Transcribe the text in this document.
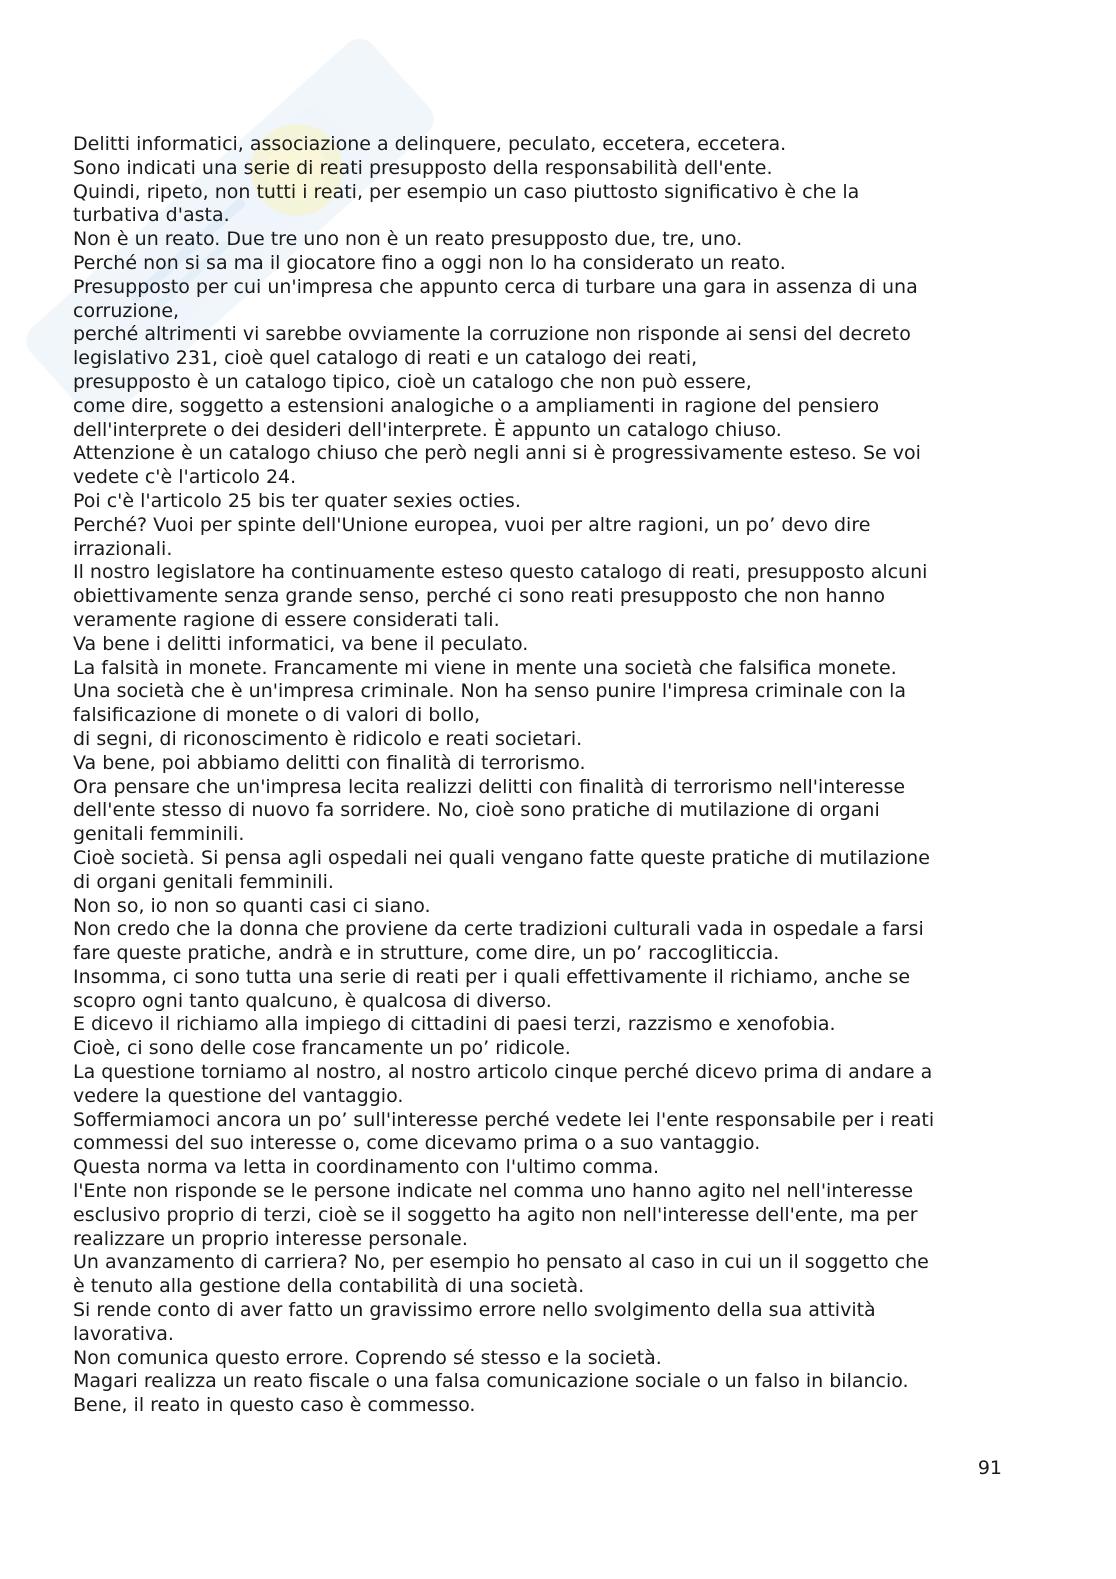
Delitti informatici, associazione a delinquere, peculato, eccetera, eccetera.
Sono indicati una serie di reati presupposto della responsabilità dell'ente.
Quindi, ripeto, non tutti i reati, per esempio un caso piuttosto significativo è che la
turbativa d'asta.
Non è un reato. Due tre uno non è un reato presupposto due, tre, uno.
Perché non si sa ma il giocatore fino a oggi non lo ha considerato un reato.
Presupposto per cui un'impresa che appunto cerca di turbare una gara in assenza di una
corruzione,
perché altrimenti vi sarebbe ovviamente la corruzione non risponde ai sensi del decreto
legislativo 231, cioè quel catalogo di reati e un catalogo dei reati,
presupposto è un catalogo tipico, cioè un catalogo che non può essere,
come dire, soggetto a estensioni analogiche o a ampliamenti in ragione del pensiero
dell'interprete o dei desideri dell'interprete. È appunto un catalogo chiuso.
Attenzione è un catalogo chiuso che però negli anni si è progressivamente esteso. Se voi
vedete c'è l'articolo 24.
Poi c'è l'articolo 25 bis ter quater sexies octies.
Perché? Vuoi per spinte dell'Unione europea, vuoi per altre ragioni, un po’ devo dire
irrazionali.
Il nostro legislatore ha continuamente esteso questo catalogo di reati, presupposto alcuni
obiettivamente senza grande senso, perché ci sono reati presupposto che non hanno
veramente ragione di essere considerati tali.
Va bene i delitti informatici, va bene il peculato.
La falsità in monete. Francamente mi viene in mente una società che falsifica monete.
Una società che è un'impresa criminale. Non ha senso punire l'impresa criminale con la
falsificazione di monete o di valori di bollo,
di segni, di riconoscimento è ridicolo e reati societari.
Va bene, poi abbiamo delitti con finalità di terrorismo.
Ora pensare che un'impresa lecita realizzi delitti con finalità di terrorismo nell'interesse
dell'ente stesso di nuovo fa sorridere. No, cioè sono pratiche di mutilazione di organi
genitali femminili.
Cioè società. Si pensa agli ospedali nei quali vengano fatte queste pratiche di mutilazione
di organi genitali femminili.
Non so, io non so quanti casi ci siano.
Non credo che la donna che proviene da certe tradizioni culturali vada in ospedale a farsi
fare queste pratiche, andrà e in strutture, come dire, un po’ raccogliticcia.
Insomma, ci sono tutta una serie di reati per i quali effettivamente il richiamo, anche se
scopro ogni tanto qualcuno, è qualcosa di diverso.
E dicevo il richiamo alla impiego di cittadini di paesi terzi, razzismo e xenofobia.
Cioè, ci sono delle cose francamente un po’ ridicole.
La questione torniamo al nostro, al nostro articolo cinque perché dicevo prima di andare a
vedere la questione del vantaggio.
Soffermiamoci ancora un po’ sull'interesse perché vedete lei l'ente responsabile per i reati
commessi del suo interesse o, come dicevamo prima o a suo vantaggio.
Questa norma va letta in coordinamento con l'ultimo comma.
l'Ente non risponde se le persone indicate nel comma uno hanno agito nel nell'interesse
esclusivo proprio di terzi, cioè se il soggetto ha agito non nell'interesse dell'ente, ma per
realizzare un proprio interesse personale.
Un avanzamento di carriera? No, per esempio ho pensato al caso in cui un il soggetto che
è tenuto alla gestione della contabilità di una società.
Si rende conto di aver fatto un gravissimo errore nello svolgimento della sua attività
lavorativa.
Non comunica questo errore. Coprendo sé stesso e la società.
Magari realizza un reato fiscale o una falsa comunicazione sociale o un falso in bilancio.
Bene, il reato in questo caso è commesso.
91
